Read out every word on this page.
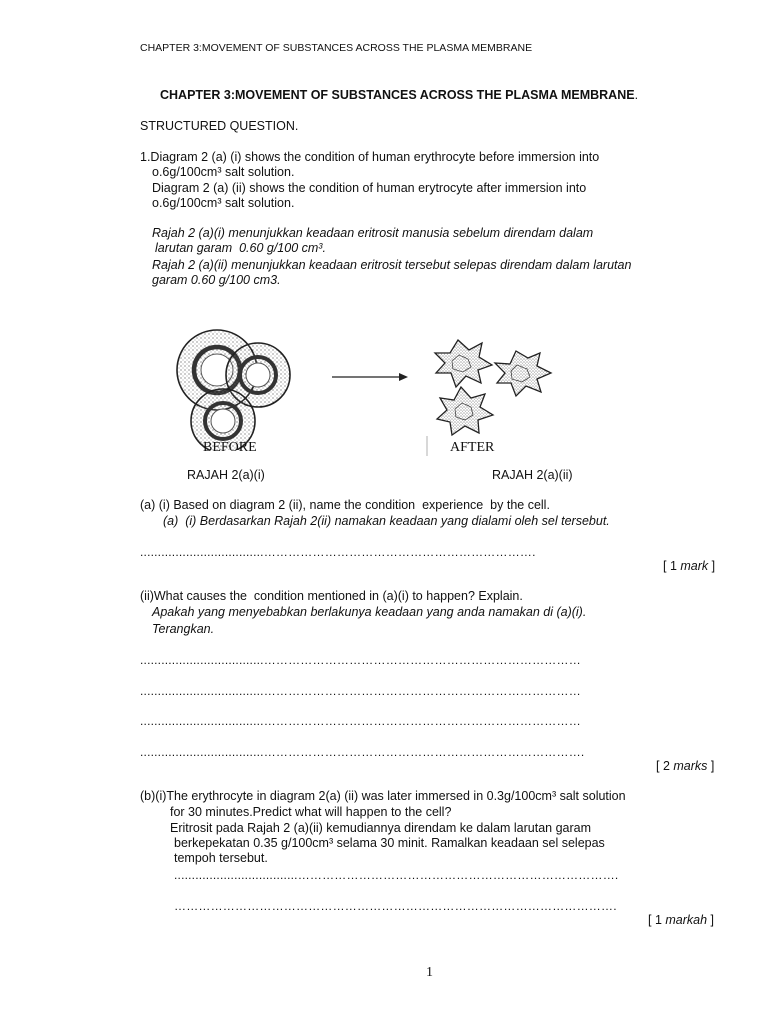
CHAPTER 3:MOVEMENT OF SUBSTANCES ACROSS THE PLASMA MEMBRANE
CHAPTER 3:MOVEMENT OF SUBSTANCES ACROSS THE PLASMA MEMBRANE.
STRUCTURED QUESTION.
1.Diagram 2 (a) (i) shows the condition of human erythrocyte before immersion into
o.6g/100cm³ salt solution.
Diagram 2 (a) (ii) shows the condition of human erytrocyte after immersion into
o.6g/100cm³ salt solution.
Rajah 2 (a)(i) menunjukkan keadaan eritrosit manusia sebelum direndam dalam
larutan garam  0.60 g/100 cm³.
Rajah 2 (a)(ii) menunjukkan keadaan eritrosit tersebut selepas direndam dalam larutan
garam 0.60 g/100 cm3.
BEFORE	AFTER
RAJAH 2(a)(i)	RAJAH 2(a)(ii)
(a) (i) Based on diagram 2 (ii), name the condition  experience  by the cell.
(a)  (i) Berdasarkan Rajah 2(ii) namakan keadaan yang dialami oleh sel tersebut.
...................................………………………………………………………….
[ 1 mark ]
(ii)What causes the  condition mentioned in (a)(i) to happen? Explain.
Apakah yang menyebabkan berlakunya keadaan yang anda namakan di (a)(i).
Terangkan.
...................................……………………………………………………………………
...................................……………………………………………………………………
...................................……………………………………………………………………
...................................…………………………………………………………………….
[ 2 marks ]
(b)(i)The erythrocyte in diagram 2(a) (ii) was later immersed in 0.3g/100cm³ salt solution
for 30 minutes.Predict what will happen to the cell?
Eritrosit pada Rajah 2 (a)(ii) kemudiannya direndam ke dalam larutan garam
berkepekatan 0.35 g/100cm³ selama 30 minit. Ramalkan keadaan sel selepas
tempoh tersebut.
...................................…………………………………………………………………….
……………………………………………………………………………………………….
[ 1 markah ]
1
